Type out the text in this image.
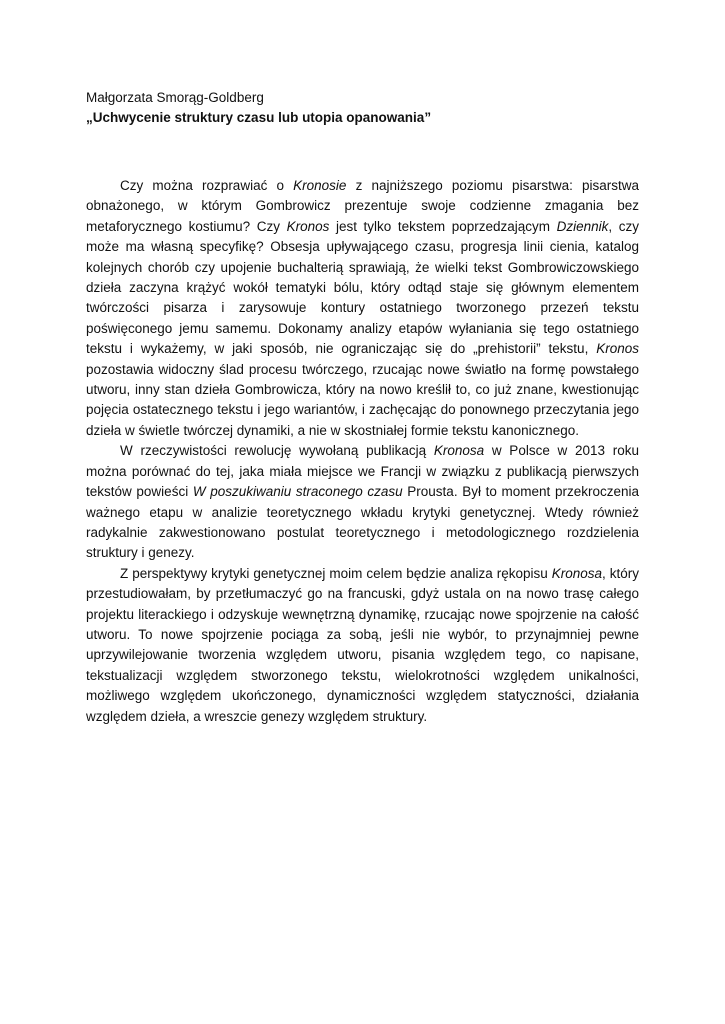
Małgorzata Smorąg-Goldberg

„Uchwycenie struktury czasu lub utopia opanowania”

Czy można rozprawiać o Kronosie z najniższego poziomu pisarstwa: pisarstwa obnażonego, w którym Gombrowicz prezentuje swoje codzienne zmagania bez metaforycznego kostiumu? Czy Kronos jest tylko tekstem poprzedzającym Dziennik, czy może ma własną specyfikę? Obsesja upływającego czasu, progresja linii cienia, katalog kolejnych chorób czy upojenie buchalterią sprawiają, że wielki tekst Gombrowiczowskiego dzieła zaczyna krążyć wokół tematyki bólu, który odtąd staje się głównym elementem twórczości pisarza i zarysowuje kontury ostatniego tworzonego przezeń tekstu poświęconego jemu samemu. Dokonamy analizy etapów wyłaniania się tego ostatniego tekstu i wykażemy, w jaki sposób, nie ograniczając się do „prehistorii” tekstu, Kronos pozostawia widoczny ślad procesu twórczego, rzucając nowe światło na formę powstałego utworu, inny stan dzieła Gombrowicza, który na nowo kreślił to, co już znane, kwestionując pojęcia ostatecznego tekstu i jego wariantów, i zachęcając do ponownego przeczytania jego dzieła w świetle twórczej dynamiki, a nie w skostniałej formie tekstu kanonicznego.

W rzeczywistości rewolucję wywołaną publikacją Kronosa w Polsce w 2013 roku można porównać do tej, jaka miała miejsce we Francji w związku z publikacją pierwszych tekstów powieści W poszukiwaniu straconego czasu Prousta. Był to moment przekroczenia ważnego etapu w analizie teoretycznego wkładu krytyki genetycznej. Wtedy również radykalnie zakwestionowano postulat teoretycznego i metodologicznego rozdzielenia struktury i genezy.

Z perspektywy krytyki genetycznej moim celem będzie analiza rękopisu Kronosa, który przestudiowałam, by przetłumaczyć go na francuski, gdyż ustala on na nowo trasę całego projektu literackiego i odzyskuje wewnętrzną dynamikę, rzucając nowe spojrzenie na całość utworu. To nowe spojrzenie pociąga za sobą, jeśli nie wybór, to przynajmniej pewne uprzywilejowanie tworzenia względem utworu, pisania względem tego, co napisane, tekstualizacji względem stworzonego tekstu, wielokrotności względem unikalności, możliwego względem ukończonego, dynamiczności względem statyczności, działania względem dzieła, a wreszcie genezy względem struktury.
